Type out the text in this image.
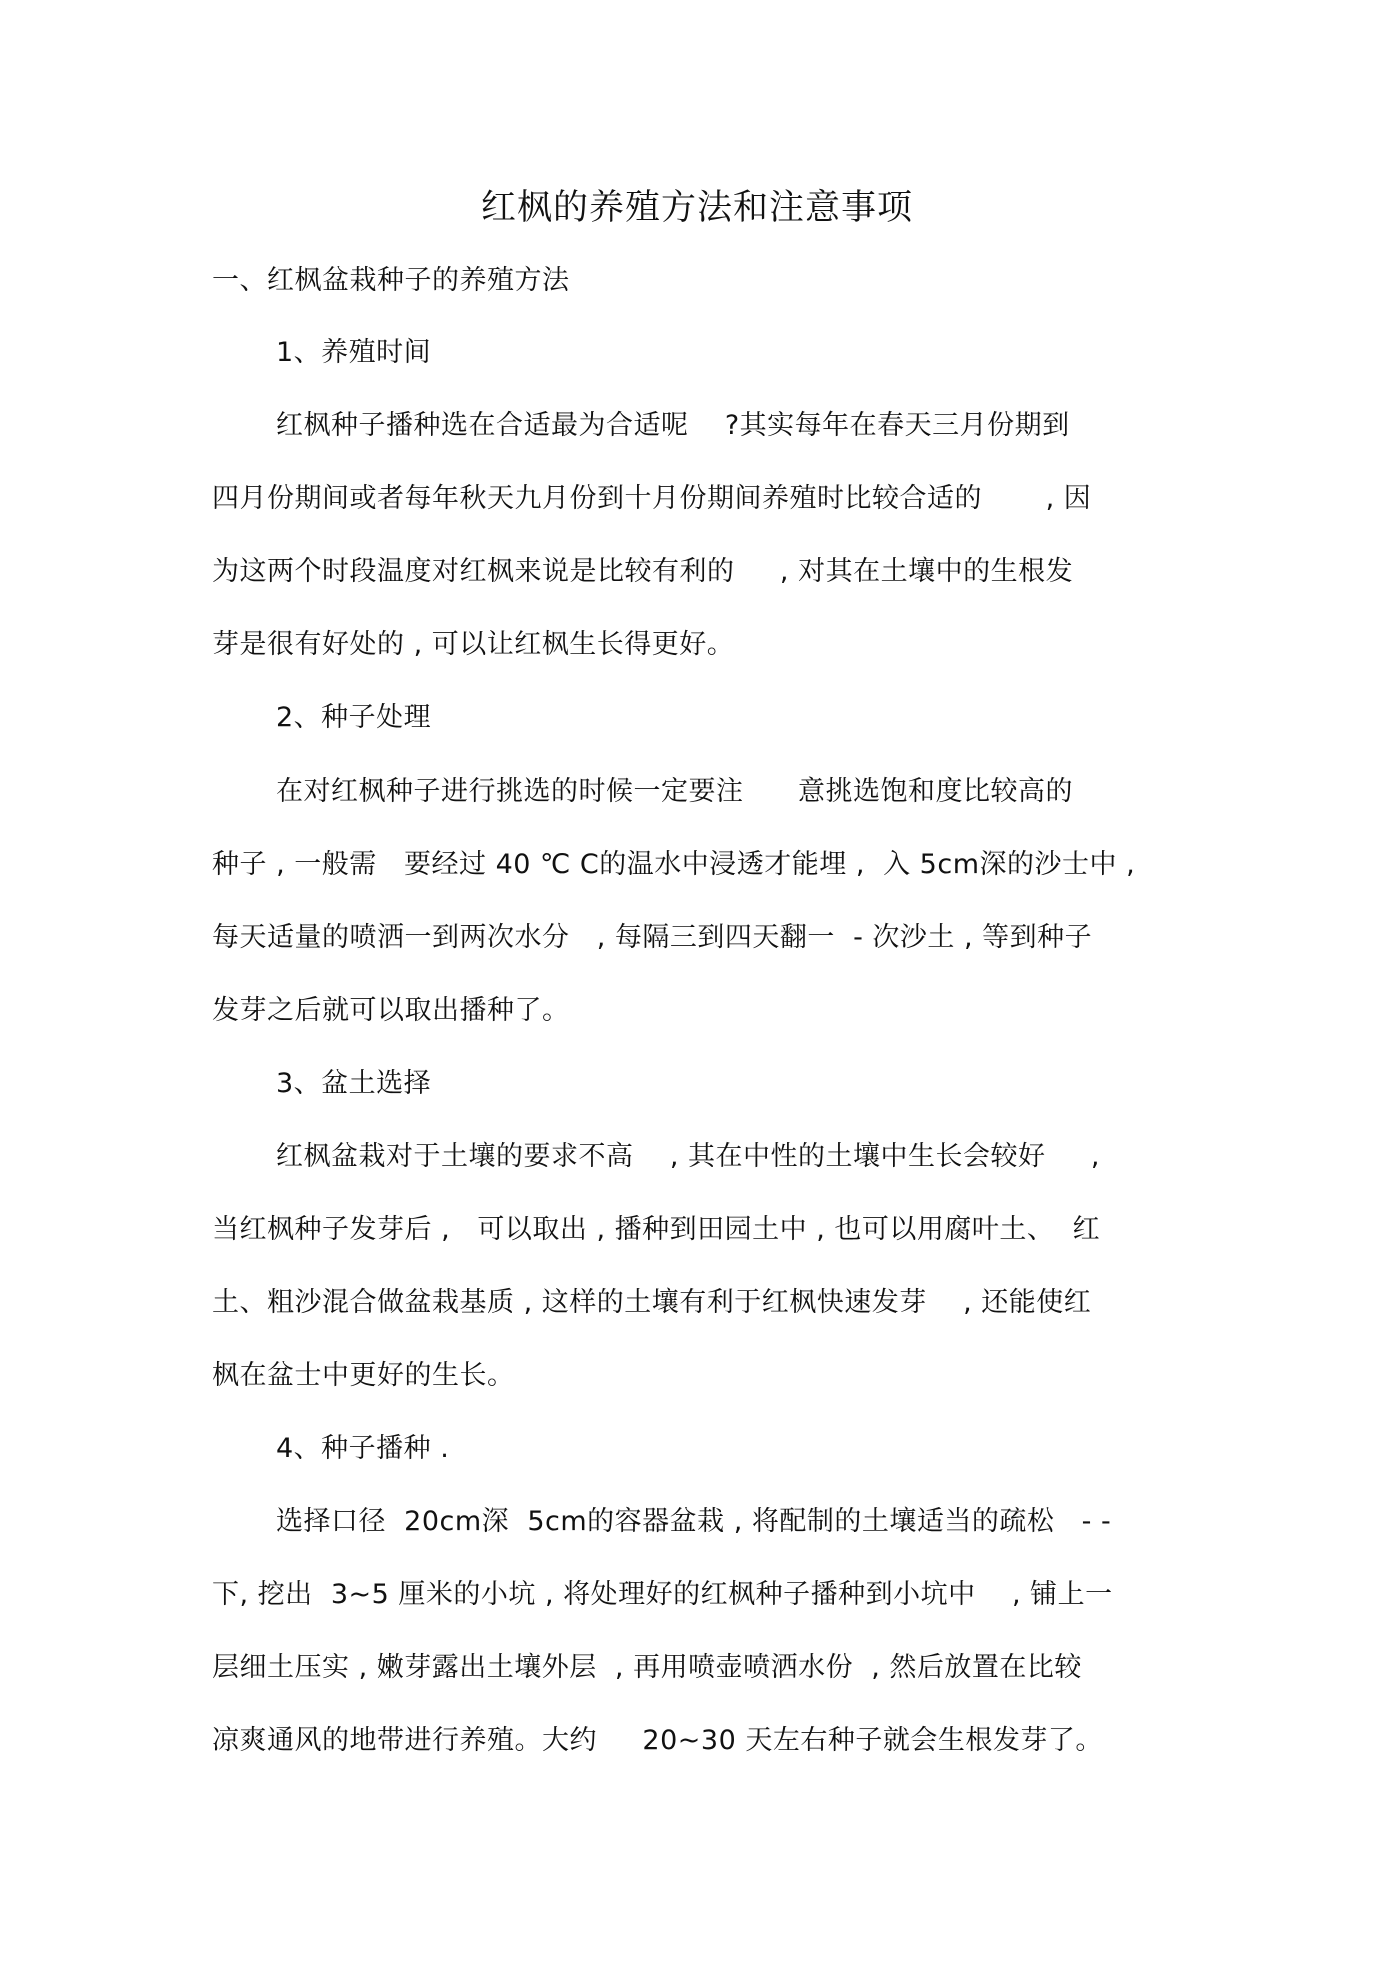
红枫的养殖方法和注意事项
一、红枫盆栽种子的养殖方法
1、养殖时间
红枫种子播种选在合适最为合适呢    ?其实每年在春天三月份期到
四月份期间或者每年秋天九月份到十月份期间养殖时比较合适的       , 因
为这两个时段温度对红枫来说是比较有利的     , 对其在土壤中的生根发
芽是很有好处的 , 可以让红枫生长得更好。
2、种子处理
在对红枫种子进行挑选的时候一定要注      意挑选饱和度比较高的
种子 , 一般需   要经过 40 ℃ C的温水中浸透才能埋 ,  入 5cm深的沙士中 ,
每天适量的喷洒一到两次水分   , 每隔三到四天翻一  - 次沙土 , 等到种子
发芽之后就可以取出播种了。
3、盆土选择
红枫盆栽对于土壤的要求不高    , 其在中性的土壤中生长会较好     ,
当红枫种子发芽后 ,   可以取出 , 播种到田园土中 , 也可以用腐叶土、  红
土、粗沙混合做盆栽基质 , 这样的土壤有利于红枫快速发芽    , 还能使红
枫在盆士中更好的生长。
4、种子播种 .
选择口径  20cm深  5cm的容器盆栽 , 将配制的土壤适当的疏松   - -
下, 挖出  3~5 厘米的小坑 , 将处理好的红枫种子播种到小坑中    , 铺上一
层细土压实 , 嫩芽露出土壤外层  , 再用喷壶喷洒水份  , 然后放置在比较
凉爽通风的地带进行养殖。大约     20~30 天左右种子就会生根发芽了。
